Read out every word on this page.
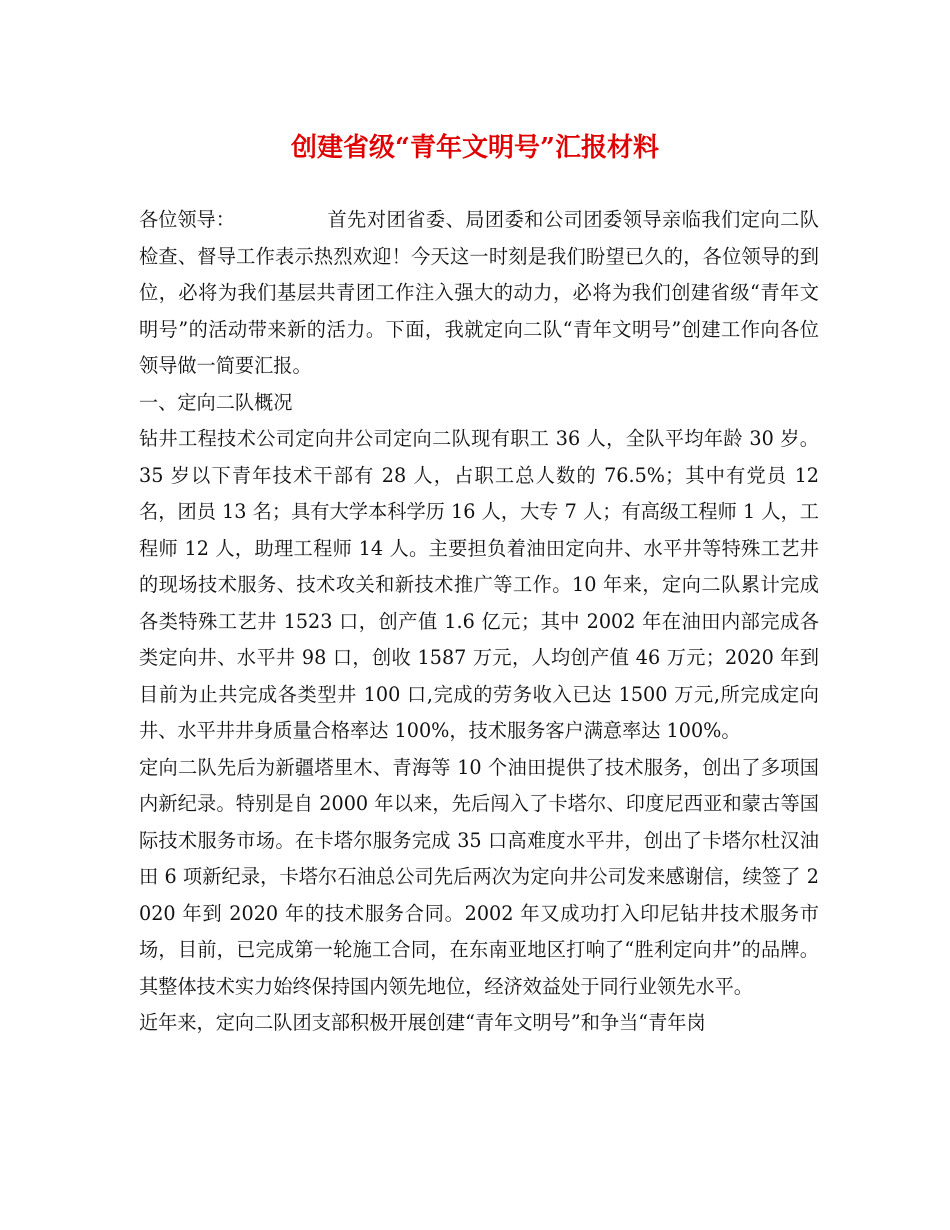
创建省级“青年文明号”汇报材料

各位领导：	首先对团省委、局团委和公司团委领导亲临我们定向二队检查、督导工作表示热烈欢迎！今天这一时刻是我们盼望已久的，各位领导的到位，必将为我们基层共青团工作注入强大的动力，必将为我们创建省级“青年文明号”的活动带来新的活力。下面，我就定向二队“青年文明号”创建工作向各位领导做一简要汇报。

一、定向二队概况

钻井工程技术公司定向井公司定向二队现有职工 36 人，全队平均年龄 30 岁。35 岁以下青年技术干部有 28 人，占职工总人数的 76.5%；其中有党员 12 名，团员 13 名；具有大学本科学历 16 人，大专 7 人；有高级工程师 1 人，工程师 12 人，助理工程师 14 人。主要担负着油田定向井、水平井等特殊工艺井的现场技术服务、技术攻关和新技术推广等工作。10 年来，定向二队累计完成各类特殊工艺井 1523 口，创产值 1.6 亿元；其中 2002 年在油田内部完成各类定向井、水平井 98 口，创收 1587 万元，人均创产值 46 万元；2020 年到目前为止共完成各类型井 100 口,完成的劳务收入已达 1500 万元,所完成定向井、水平井井身质量合格率达 100%，技术服务客户满意率达 100%。

定向二队先后为新疆塔里木、青海等 10 个油田提供了技术服务，创出了多项国内新纪录。特别是自 2000 年以来，先后闯入了卡塔尔、印度尼西亚和蒙古等国际技术服务市场。在卡塔尔服务完成 35 口高难度水平井，创出了卡塔尔杜汉油田 6 项新纪录，卡塔尔石油总公司先后两次为定向井公司发来感谢信，续签了 2020 年到 2020 年的技术服务合同。2002 年又成功打入印尼钻井技术服务市场，目前，已完成第一轮施工合同，在东南亚地区打响了“胜利定向井”的品牌。其整体技术实力始终保持国内领先地位，经济效益处于同行业领先水平。

近年来，定向二队团支部积极开展创建“青年文明号”和争当“青年岗
